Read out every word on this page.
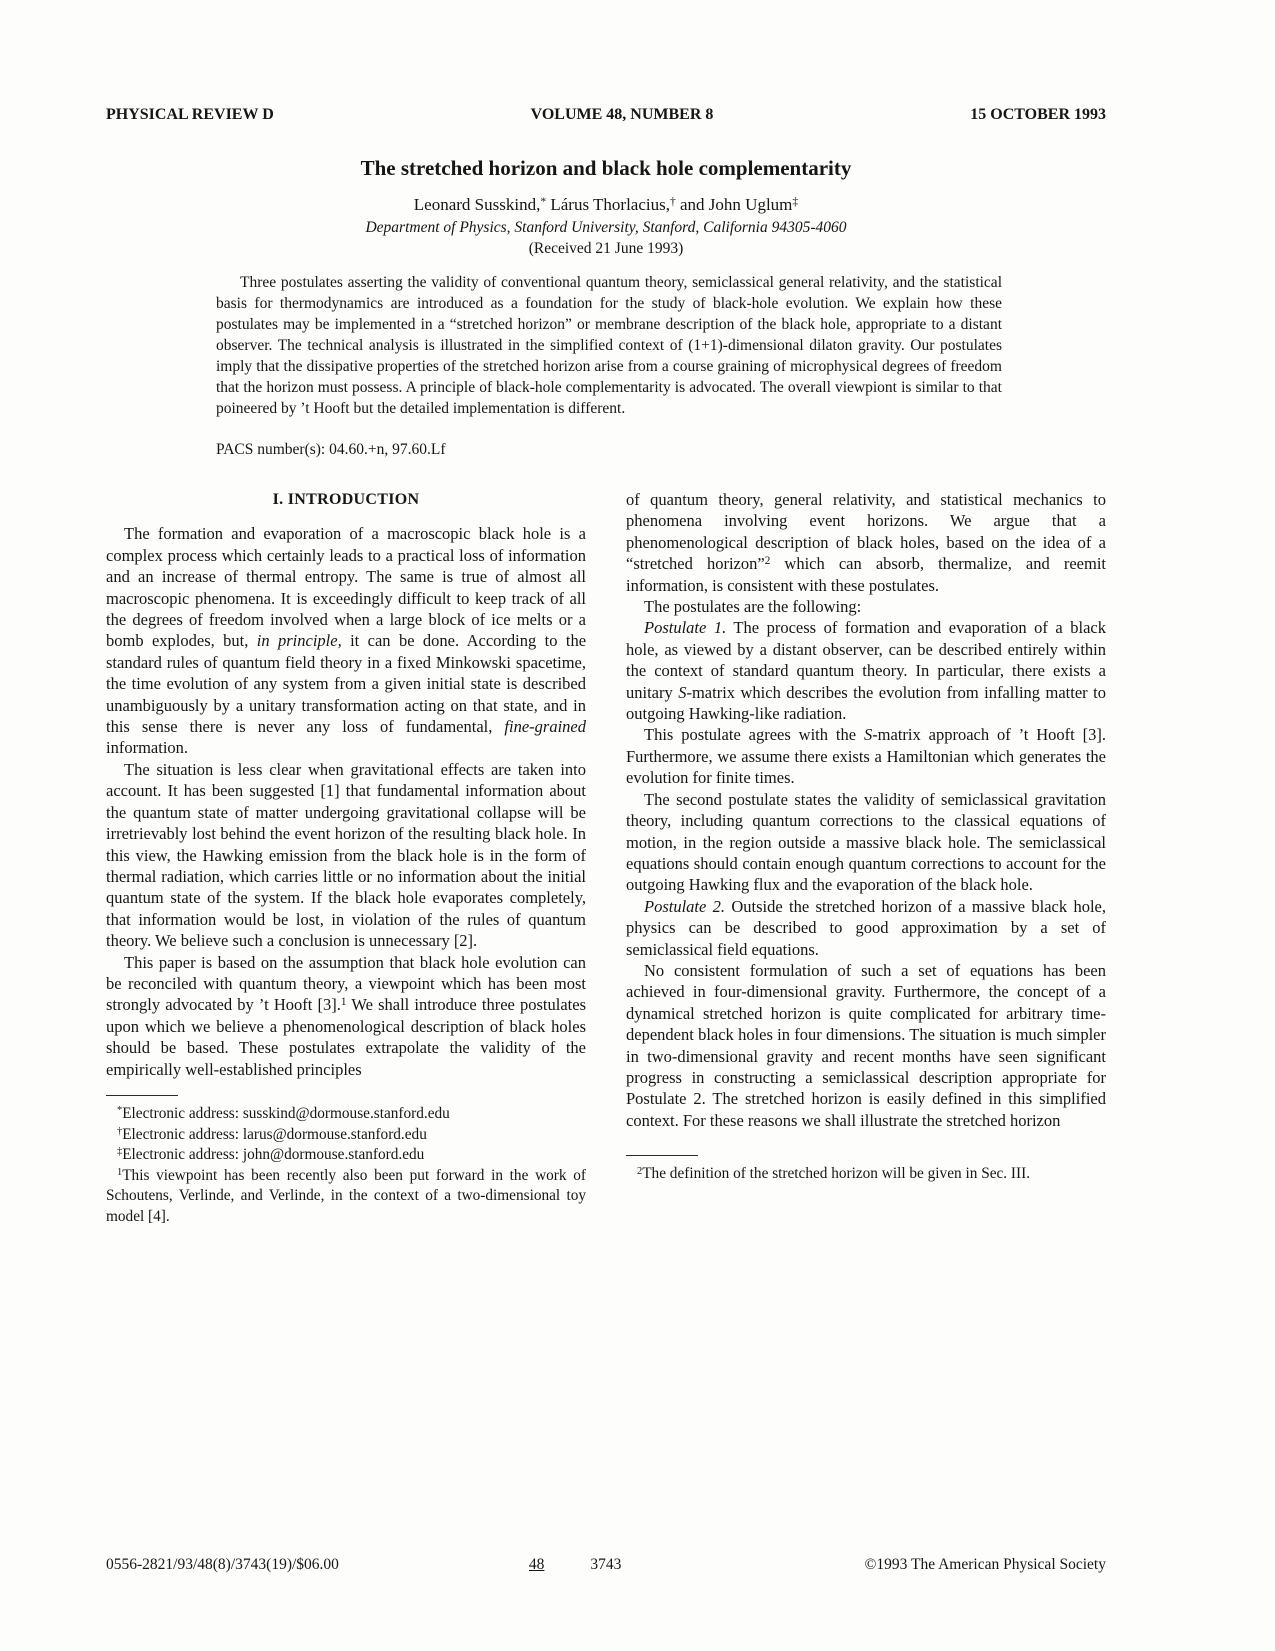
PHYSICAL REVIEW D	VOLUME 48, NUMBER 8	15 OCTOBER 1993
The stretched horizon and black hole complementarity
Leonard Susskind,* Lárus Thorlacius,† and John Uglum‡
Department of Physics, Stanford University, Stanford, California 94305-4060
(Received 21 June 1993)
Three postulates asserting the validity of conventional quantum theory, semiclassical general relativity, and the statistical basis for thermodynamics are introduced as a foundation for the study of black-hole evolution. We explain how these postulates may be implemented in a “stretched horizon” or membrane description of the black hole, appropriate to a distant observer. The technical analysis is illustrated in the simplified context of (1+1)-dimensional dilaton gravity. Our postulates imply that the dissipative properties of the stretched horizon arise from a course graining of microphysical degrees of freedom that the horizon must possess. A principle of black-hole complementarity is advocated. The overall viewpiont is similar to that poineered by ’t Hooft but the detailed implementation is different.
PACS number(s): 04.60.+n, 97.60.Lf
I. INTRODUCTION

The formation and evaporation of a macroscopic black hole is a complex process which certainly leads to a practical loss of information and an increase of thermal entropy. The same is true of almost all macroscopic phenomena. It is exceedingly difficult to keep track of all the degrees of freedom involved when a large block of ice melts or a bomb explodes, but, in principle, it can be done. According to the standard rules of quantum field theory in a fixed Minkowski spacetime, the time evolution of any system from a given initial state is described unambiguously by a unitary transformation acting on that state, and in this sense there is never any loss of fundamental, fine-grained information.

The situation is less clear when gravitational effects are taken into account. It has been suggested [1] that fundamental information about the quantum state of matter undergoing gravitational collapse will be irretrievably lost behind the event horizon of the resulting black hole. In this view, the Hawking emission from the black hole is in the form of thermal radiation, which carries little or no information about the initial quantum state of the system. If the black hole evaporates completely, that information would be lost, in violation of the rules of quantum theory. We believe such a conclusion is unnecessary [2].

This paper is based on the assumption that black hole evolution can be reconciled with quantum theory, a viewpoint which has been most strongly advocated by ’t Hooft [3].$^1$ We shall introduce three postulates upon which we believe a phenomenological description of black holes should be based. These postulates extrapolate the validity of the empirically well-established principles

*Electronic address: susskind@dormouse.stanford.edu

†Electronic address: larus@dormouse.stanford.edu

‡Electronic address: john@dormouse.stanford.edu

$^1$This viewpoint has been recently also been put forward in the work of Schoutens, Verlinde, and Verlinde, in the context of a two-dimensional toy model [4].

of quantum theory, general relativity, and statistical mechanics to phenomena involving event horizons. We argue that a phenomenological description of black holes, based on the idea of a “stretched horizon”$^2$ which can absorb, thermalize, and reemit information, is consistent with these postulates.

The postulates are the following:

Postulate 1. The process of formation and evaporation of a black hole, as viewed by a distant observer, can be described entirely within the context of standard quantum theory. In particular, there exists a unitary S-matrix which describes the evolution from infalling matter to outgoing Hawking-like radiation.

This postulate agrees with the S-matrix approach of ’t Hooft [3]. Furthermore, we assume there exists a Hamiltonian which generates the evolution for finite times.

The second postulate states the validity of semiclassical gravitation theory, including quantum corrections to the classical equations of motion, in the region outside a massive black hole. The semiclassical equations should contain enough quantum corrections to account for the outgoing Hawking flux and the evaporation of the black hole.

Postulate 2. Outside the stretched horizon of a massive black hole, physics can be described to good approximation by a set of semiclassical field equations.

No consistent formulation of such a set of equations has been achieved in four-dimensional gravity. Furthermore, the concept of a dynamical stretched horizon is quite complicated for arbitrary time-dependent black holes in four dimensions. The situation is much simpler in two-dimensional gravity and recent months have seen significant progress in constructing a semiclassical description appropriate for Postulate 2. The stretched horizon is easily defined in this simplified context. For these reasons we shall illustrate the stretched horizon

$^2$The definition of the stretched horizon will be given in Sec. III.

0556-2821/93/48(8)/3743(19)/$06.00	48	3743	©1993 The American Physical Society
